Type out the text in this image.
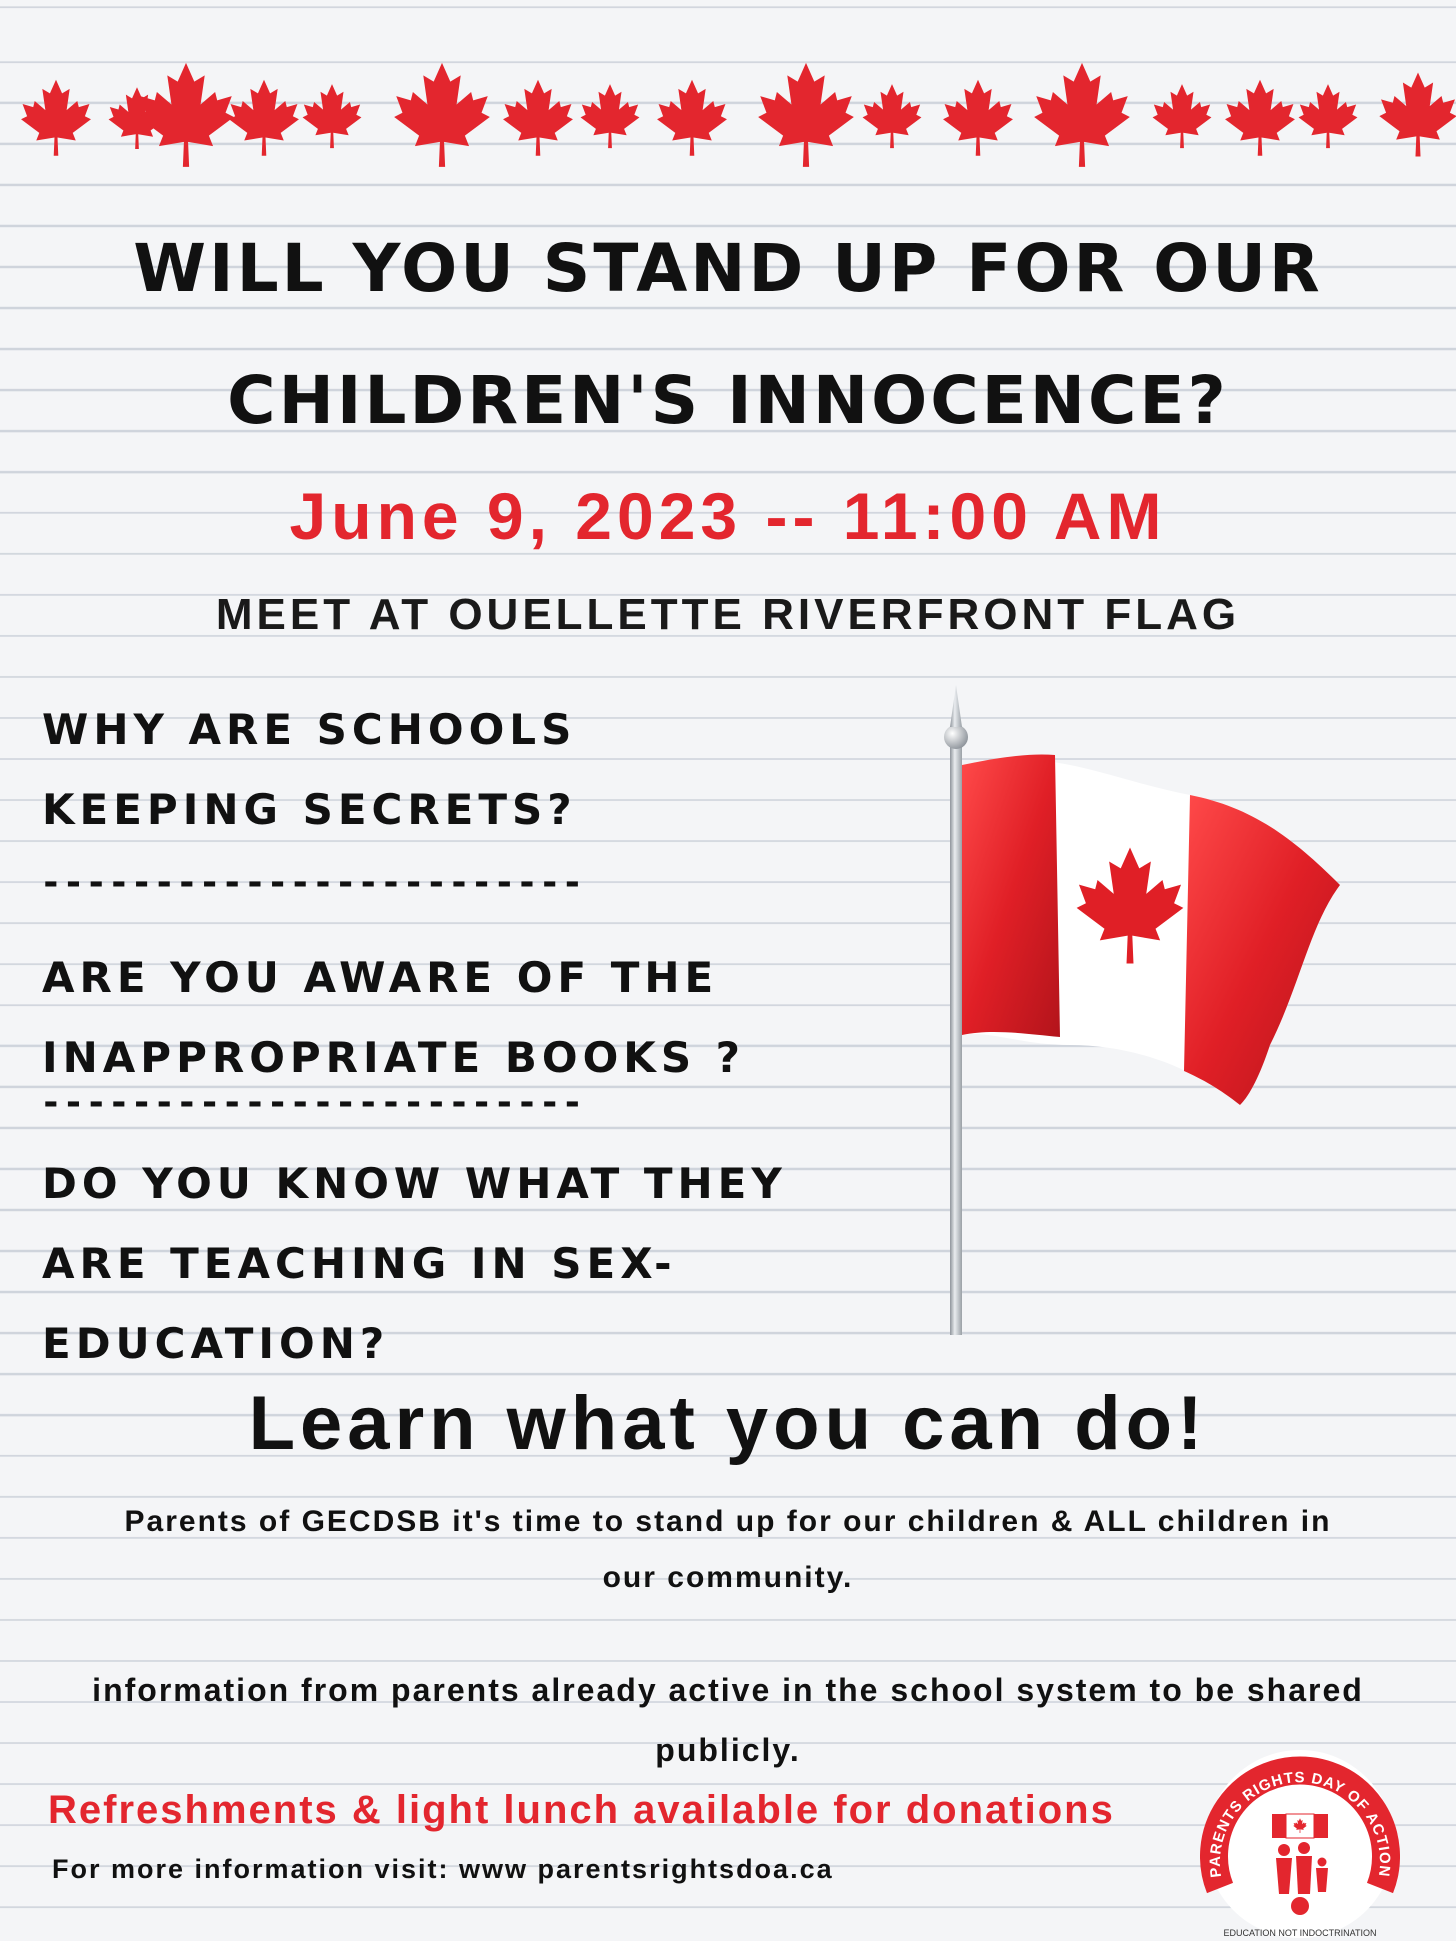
WILL YOU STAND UP FOR OUR
CHILDREN'S INNOCENCE?
June 9, 2023 -- 11:00 AM
MEET AT OUELLETTE RIVERFRONT FLAG
WHY ARE SCHOOLS
KEEPING SECRETS?
------------------------
ARE YOU AWARE OF THE
INAPPROPRIATE BOOKS ?
------------------------
DO YOU KNOW WHAT THEY
ARE TEACHING IN SEX-
EDUCATION?
Learn what you can do!
Parents of GECDSB it's time to stand up for our children & ALL children in our community.
information from parents already active in the school system to be shared publicly.
Refreshments & light lunch available for donations
For more information visit: www parentsrightsdoa.ca	PARENTS RIGHTS DAY OF ACTION
EDUCATION NOT INDOCTRINATION
